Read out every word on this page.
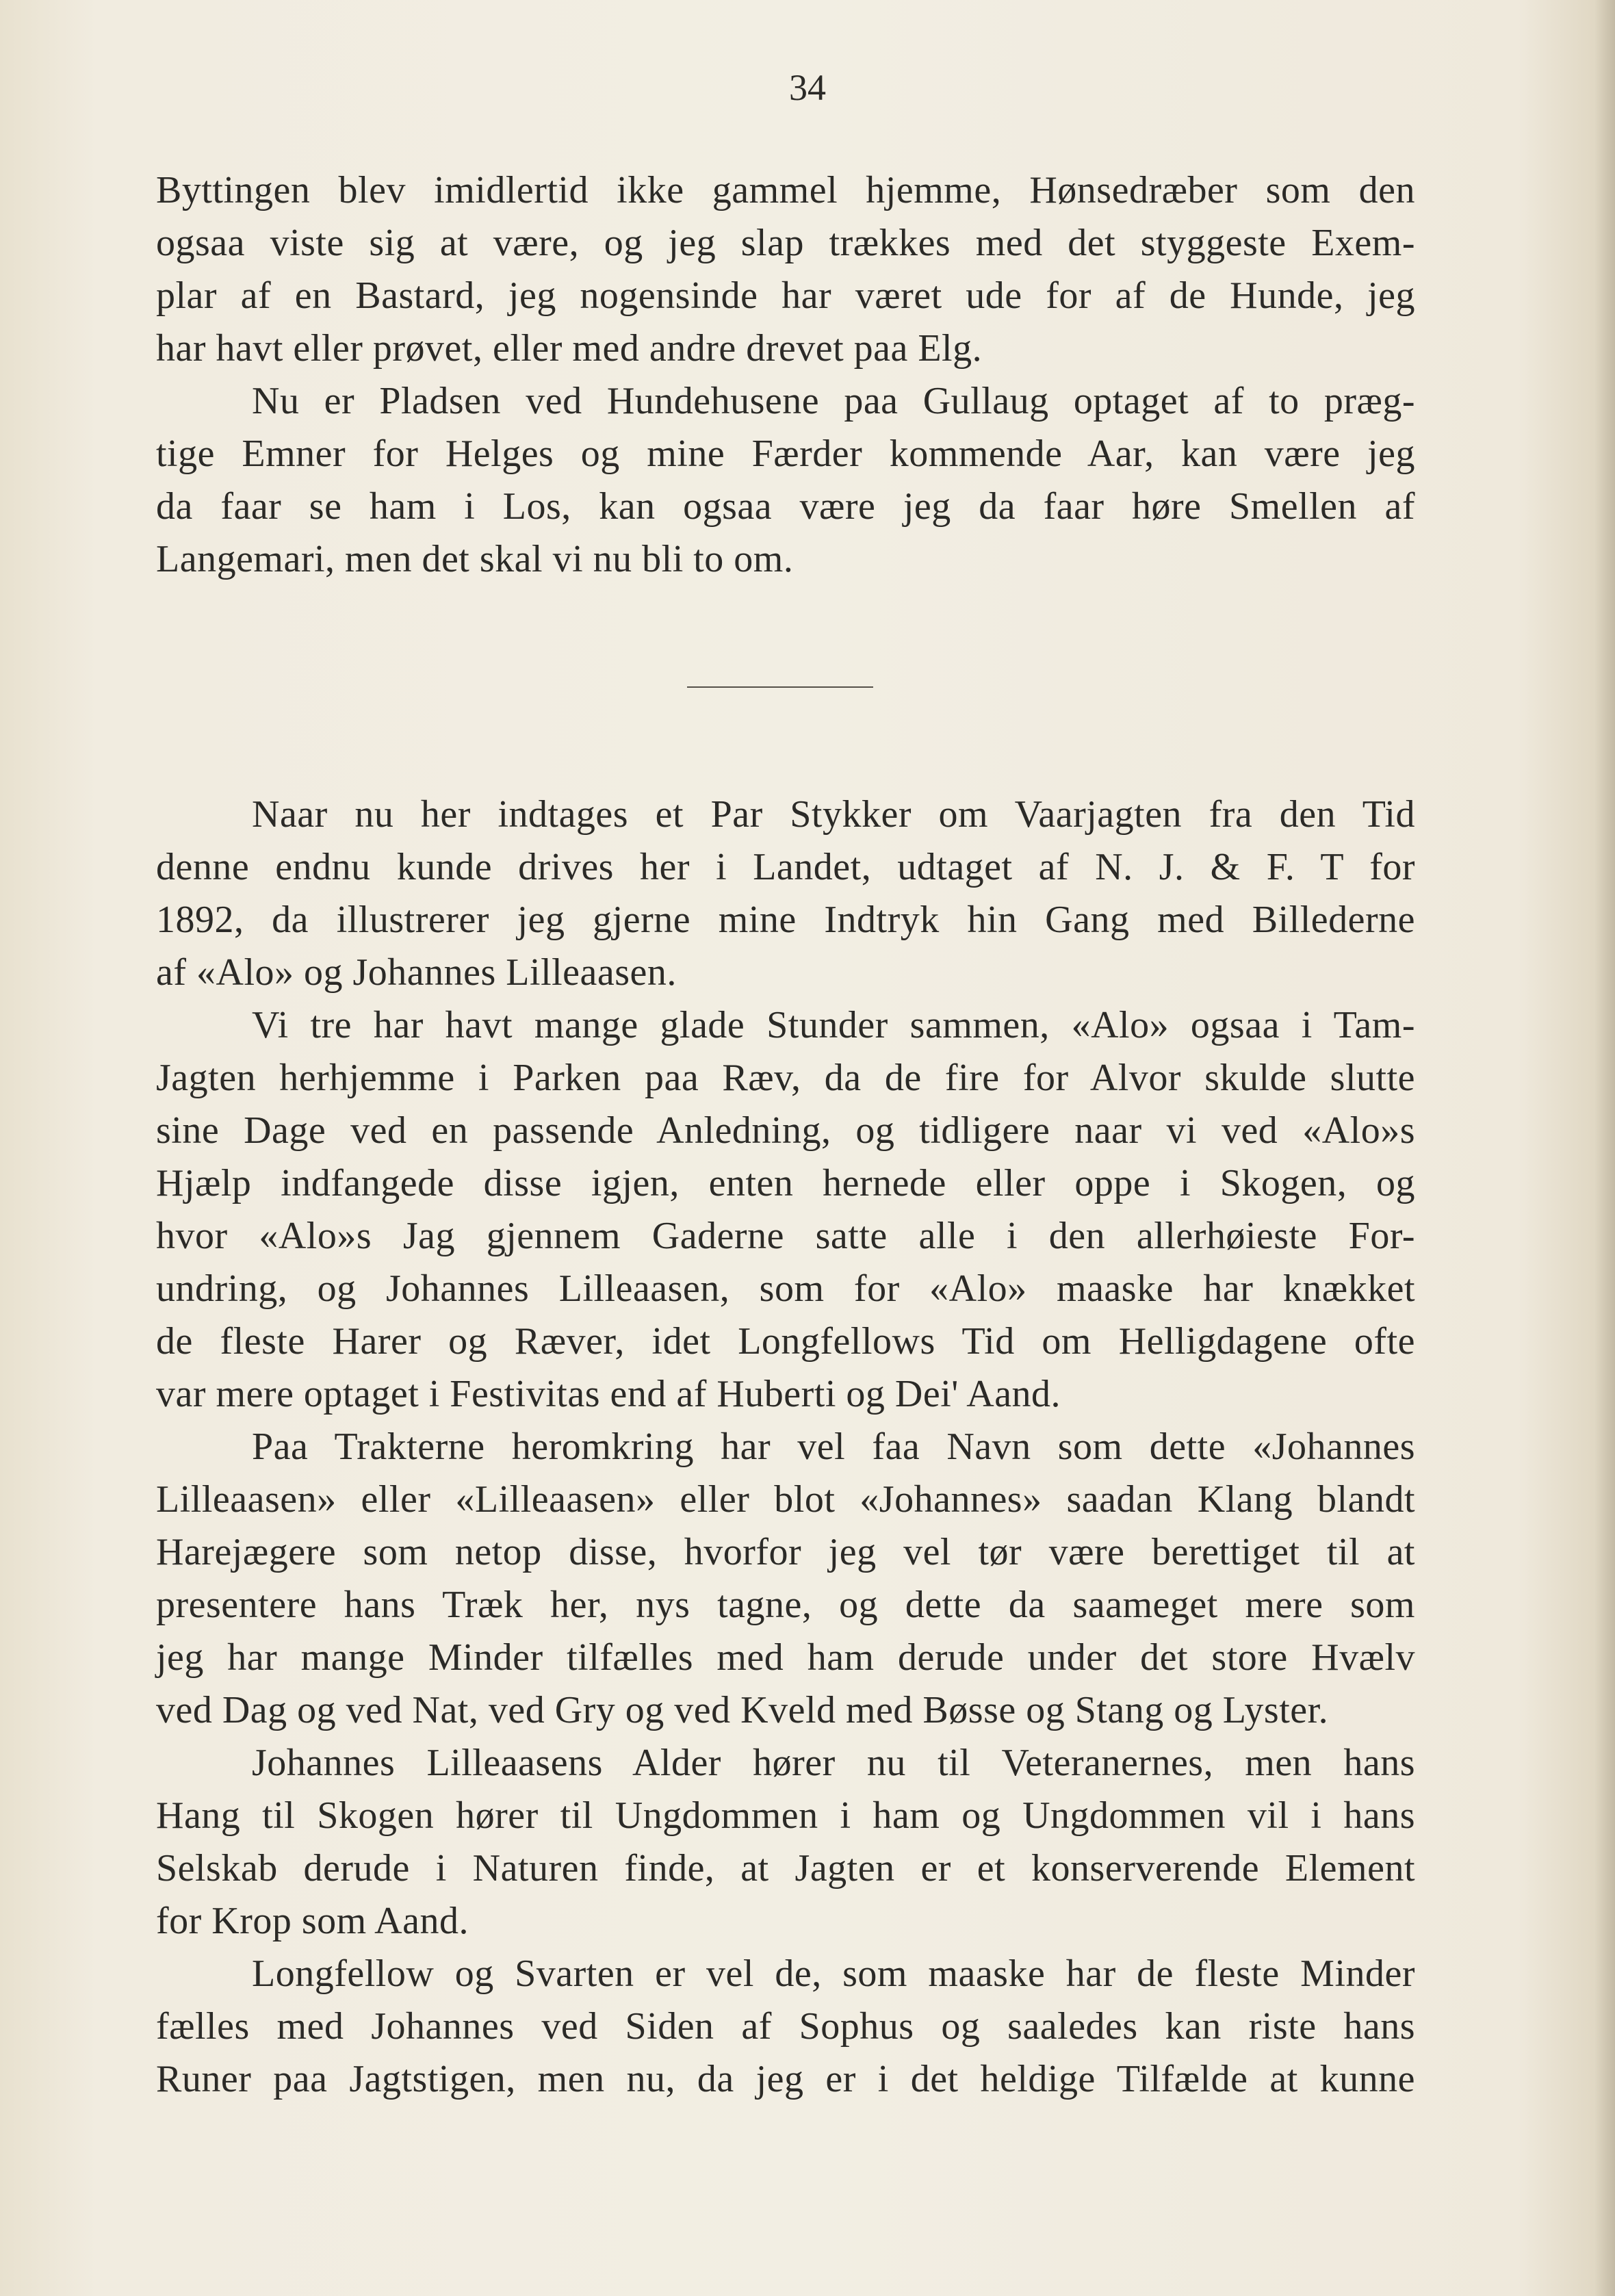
34
Byttingen blev imidlertid ikke gammel hjemme, Hønsedræber som den
ogsaa viste sig at være, og jeg slap trækkes med det styggeste Exem-
plar af en Bastard, jeg nogensinde har været ude for af de Hunde, jeg
har havt eller prøvet, eller med andre drevet paa Elg.
Nu er Pladsen ved Hundehusene paa Gullaug optaget af to præg-
tige Emner for Helges og mine Færder kommende Aar, kan være jeg
da faar se ham i Los, kan ogsaa være jeg da faar høre Smellen af
Langemari, men det skal vi nu bli to om.
Naar nu her indtages et Par Stykker om Vaarjagten fra den Tid
denne endnu kunde drives her i Landet, udtaget af N. J. & F. T for
1892, da illustrerer jeg gjerne mine Indtryk hin Gang med Billederne
af «Alo» og Johannes Lilleaasen.
Vi tre har havt mange glade Stunder sammen, «Alo» ogsaa i Tam-
Jagten herhjemme i Parken paa Ræv, da de fire for Alvor skulde slutte
sine Dage ved en passende Anledning, og tidligere naar vi ved «Alo»s
Hjælp indfangede disse igjen, enten hernede eller oppe i Skogen, og
hvor «Alo»s Jag gjennem Gaderne satte alle i den allerhøieste For-
undring, og Johannes Lilleaasen, som for «Alo» maaske har knækket
de fleste Harer og Ræver, idet Longfellows Tid om Helligdagene ofte
var mere optaget i Festivitas end af Huberti og Dei' Aand.
Paa Trakterne heromkring har vel faa Navn som dette «Johannes
Lilleaasen» eller «Lilleaasen» eller blot «Johannes» saadan Klang blandt
Harejægere som netop disse, hvorfor jeg vel tør være berettiget til at
presentere hans Træk her, nys tagne, og dette da saameget mere som
jeg har mange Minder tilfælles med ham derude under det store Hvælv
ved Dag og ved Nat, ved Gry og ved Kveld med Bøsse og Stang og Lyster.
Johannes Lilleaasens Alder hører nu til Veteranernes, men hans
Hang til Skogen hører til Ungdommen i ham og Ungdommen vil i hans
Selskab derude i Naturen finde, at Jagten er et konserverende Element
for Krop som Aand.
Longfellow og Svarten er vel de, som maaske har de fleste Minder
fælles med Johannes ved Siden af Sophus og saaledes kan riste hans
Runer paa Jagtstigen, men nu, da jeg er i det heldige Tilfælde at kunne
